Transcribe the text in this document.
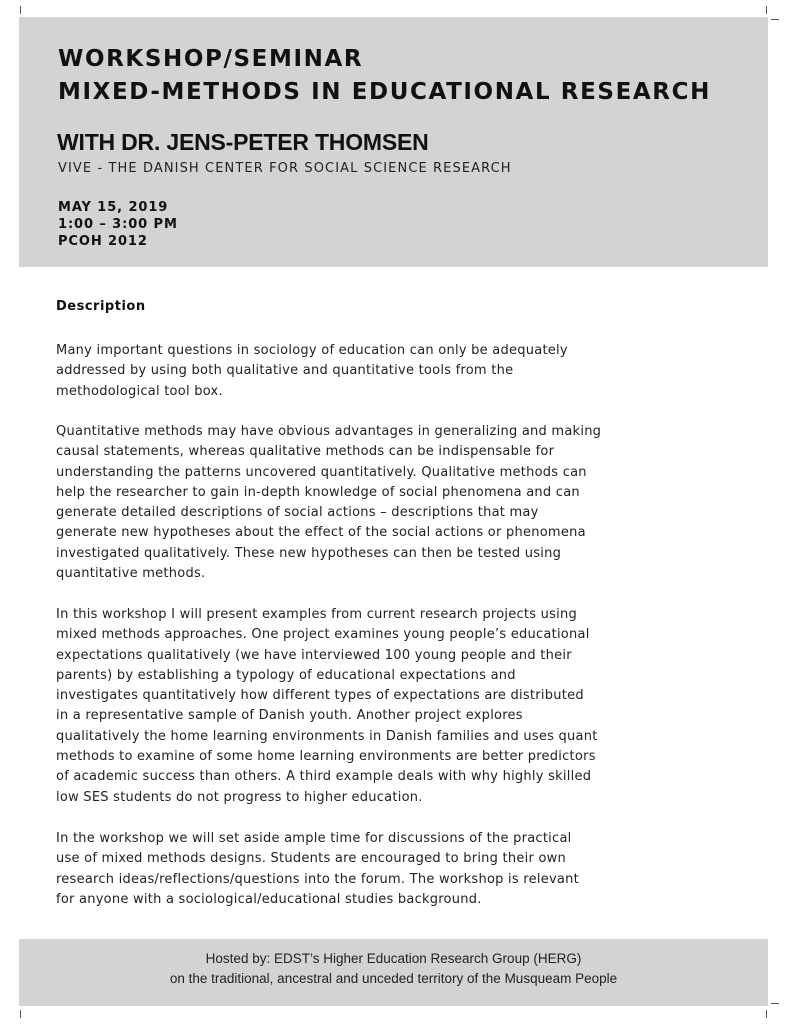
WORKSHOP/SEMINAR
MIXED-METHODS IN EDUCATIONAL RESEARCH
WITH DR. JENS-PETER THOMSEN
VIVE - THE DANISH CENTER FOR SOCIAL SCIENCE RESEARCH
MAY 15, 2019
1:00 – 3:00 PM
PCOH 2012
Description

Many important questions in sociology of education can only be adequately
addressed by using both qualitative and quantitative tools from the
methodological tool box.

Quantitative methods may have obvious advantages in generalizing and making
causal statements, whereas qualitative methods can be indispensable for
understanding the patterns uncovered quantitatively. Qualitative methods can
help the researcher to gain in-depth knowledge of social phenomena and can
generate detailed descriptions of social actions – descriptions that may
generate new hypotheses about the effect of the social actions or phenomena
investigated qualitatively. These new hypotheses can then be tested using
quantitative methods.

In this workshop I will present examples from current research projects using
mixed methods approaches. One project examines young people’s educational
expectations qualitatively (we have interviewed 100 young people and their
parents) by establishing a typology of educational expectations and
investigates quantitatively how different types of expectations are distributed
in a representative sample of Danish youth. Another project explores
qualitatively the home learning environments in Danish families and uses quant
methods to examine of some home learning environments are better predictors
of academic success than others. A third example deals with why highly skilled
low SES students do not progress to higher education.

In the workshop we will set aside ample time for discussions of the practical
use of mixed methods designs. Students are encouraged to bring their own
research ideas/reflections/questions into the forum. The workshop is relevant
for anyone with a sociological/educational studies background.

Hosted by: EDST’s Higher Education Research Group (HERG)
on the traditional, ancestral and unceded territory of the Musqueam People
